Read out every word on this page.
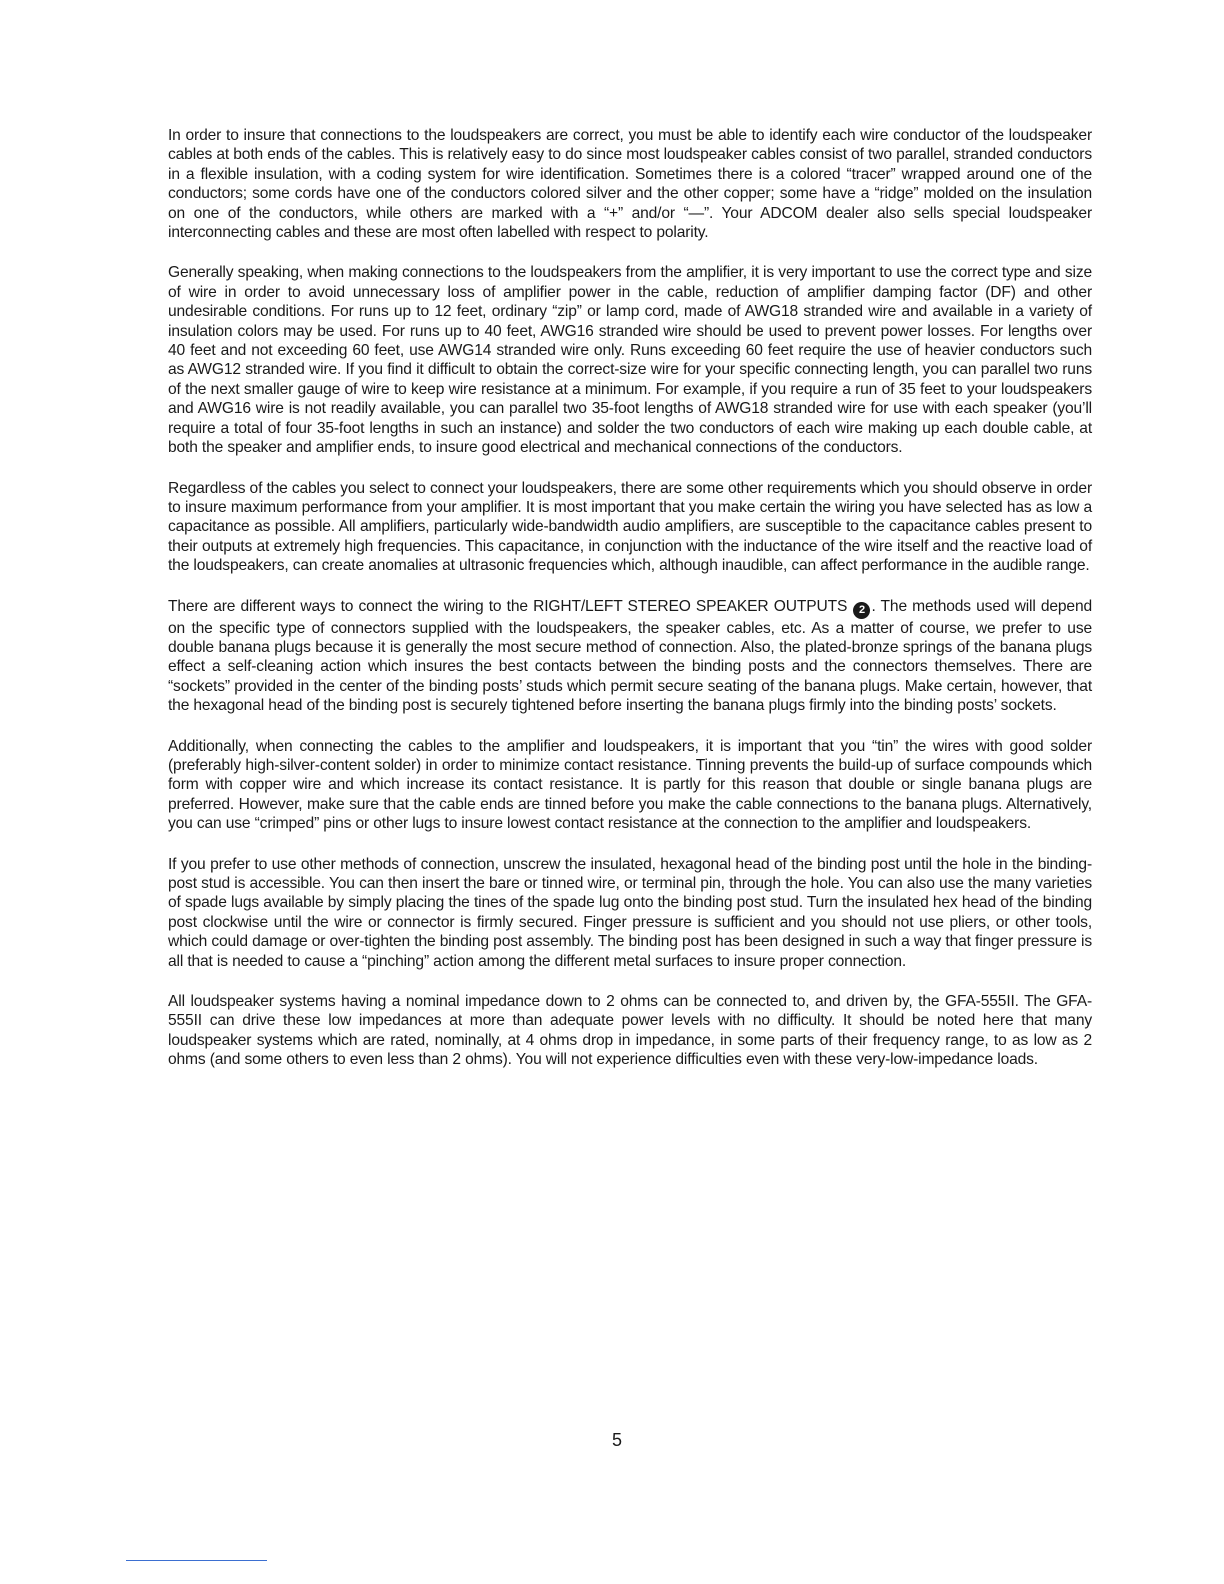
In order to insure that connections to the loudspeakers are correct, you must be able to identify each wire conductor of the loudspeaker cables at both ends of the cables. This is relatively easy to do since most loudspeaker cables consist of two parallel, stranded conductors in a flexible insulation, with a coding system for wire identification. Sometimes there is a colored “tracer” wrapped around one of the conductors; some cords have one of the conductors colored silver and the other copper; some have a “ridge” molded on the insulation on one of the conductors, while others are marked with a “+” and/or “—”. Your ADCOM dealer also sells special loudspeaker interconnecting cables and these are most often labelled with respect to polarity.

Generally speaking, when making connections to the loudspeakers from the amplifier, it is very important to use the correct type and size of wire in order to avoid unnecessary loss of amplifier power in the cable, reduction of amplifier damping factor (DF) and other undesirable conditions. For runs up to 12 feet, ordinary “zip” or lamp cord, made of AWG18 stranded wire and available in a variety of insulation colors may be used. For runs up to 40 feet, AWG16 stranded wire should be used to prevent power losses. For lengths over 40 feet and not exceeding 60 feet, use AWG14 stranded wire only. Runs exceeding 60 feet require the use of heavier conductors such as AWG12 stranded wire. If you find it difficult to obtain the correct-size wire for your specific connecting length, you can parallel two runs of the next smaller gauge of wire to keep wire resistance at a minimum. For example, if you require a run of 35 feet to your loudspeakers and AWG16 wire is not readily available, you can parallel two 35-foot lengths of AWG18 stranded wire for use with each speaker (you’ll require a total of four 35-foot lengths in such an instance) and solder the two conductors of each wire making up each double cable, at both the speaker and amplifier ends, to insure good electrical and mechanical connections of the conductors.

Regardless of the cables you select to connect your loudspeakers, there are some other requirements which you should observe in order to insure maximum performance from your amplifier. It is most important that you make certain the wiring you have selected has as low a capacitance as possible. All amplifiers, particularly wide-bandwidth audio amplifiers, are susceptible to the capacitance cables present to their outputs at extremely high frequencies. This capacitance, in conjunction with the inductance of the wire itself and the reactive load of the loudspeakers, can create anomalies at ultrasonic frequencies which, although inaudible, can affect performance in the audible range.

There are different ways to connect the wiring to the RIGHT/LEFT STEREO SPEAKER OUTPUTS 2 . The methods used will depend on the specific type of connectors supplied with the loudspeakers, the speaker cables, etc. As a matter of course, we prefer to use double banana plugs because it is generally the most secure method of connection. Also, the plated-bronze springs of the banana plugs effect a self-cleaning action which insures the best contacts between the binding posts and the connectors themselves. There are “sockets” provided in the center of the binding posts’ studs which permit secure seating of the banana plugs. Make certain, however, that the hexagonal head of the binding post is securely tightened before inserting the banana plugs firmly into the binding posts’ sockets.

Additionally, when connecting the cables to the amplifier and loudspeakers, it is important that you “tin” the wires with good solder (preferably high-silver-content solder) in order to minimize contact resistance. Tinning prevents the build-up of surface compounds which form with copper wire and which increase its contact resistance. It is partly for this reason that double or single banana plugs are preferred. However, make sure that the cable ends are tinned before you make the cable connections to the banana plugs. Alternatively, you can use “crimped” pins or other lugs to insure lowest contact resistance at the connection to the amplifier and loudspeakers.

If you prefer to use other methods of connection, unscrew the insulated, hexagonal head of the binding post until the hole in the binding-post stud is accessible. You can then insert the bare or tinned wire, or terminal pin, through the hole. You can also use the many varieties of spade lugs available by simply placing the tines of the spade lug onto the binding post stud. Turn the insulated hex head of the binding post clockwise until the wire or connector is firmly secured. Finger pressure is sufficient and you should not use pliers, or other tools, which could damage or over-tighten the binding post assembly. The binding post has been designed in such a way that finger pressure is all that is needed to cause a “pinching” action among the different metal surfaces to insure proper connection.

All loudspeaker systems having a nominal impedance down to 2 ohms can be connected to, and driven by, the GFA-555II. The GFA-555II can drive these low impedances at more than adequate power levels with no difficulty. It should be noted here that many loudspeaker systems which are rated, nominally, at 4 ohms drop in impedance, in some parts of their frequency range, to as low as 2 ohms (and some others to even less than 2 ohms). You will not experience difficulties even with these very-low-impedance loads.

5
